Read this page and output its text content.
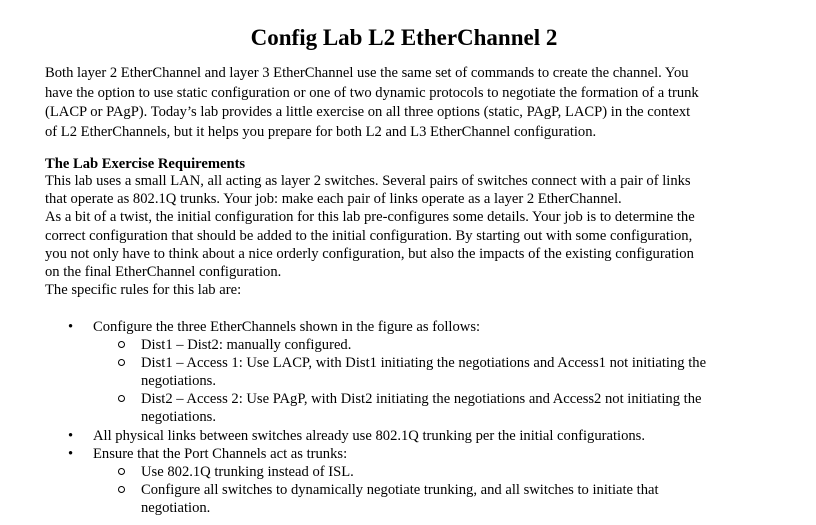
Config Lab L2 EtherChannel 2

Both layer 2 EtherChannel and layer 3 EtherChannel use the same set of commands to create the channel. You

have the option to use static configuration or one of two dynamic protocols to negotiate the formation of a trunk

(LACP or PAgP). Today’s lab provides a little exercise on all three options (static, PAgP, LACP) in the context

of L2 EtherChannels, but it helps you prepare for both L2 and L3 EtherChannel configuration.

The Lab Exercise Requirements

This lab uses a small LAN, all acting as layer 2 switches. Several pairs of switches connect with a pair of links

that operate as 802.1Q trunks. Your job: make each pair of links operate as a layer 2 EtherChannel.

As a bit of a twist, the initial configuration for this lab pre-configures some details. Your job is to determine the

correct configuration that should be added to the initial configuration. By starting out with some configuration,

you not only have to think about a nice orderly configuration, but also the impacts of the existing configuration

on the final EtherChannel configuration.

The specific rules for this lab are:

• Configure the three EtherChannels shown in the figure as follows:
Dist1 – Dist2: manually configured.
Dist1 – Access 1: Use LACP, with Dist1 initiating the negotiations and Access1 not initiating the
negotiations.
Dist2 – Access 2: Use PAgP, with Dist2 initiating the negotiations and Access2 not initiating the
negotiations.
• All physical links between switches already use 802.1Q trunking per the initial configurations.
• Ensure that the Port Channels act as trunks:
Use 802.1Q trunking instead of ISL.
Configure all switches to dynamically negotiate trunking, and all switches to initiate that
negotiation.
